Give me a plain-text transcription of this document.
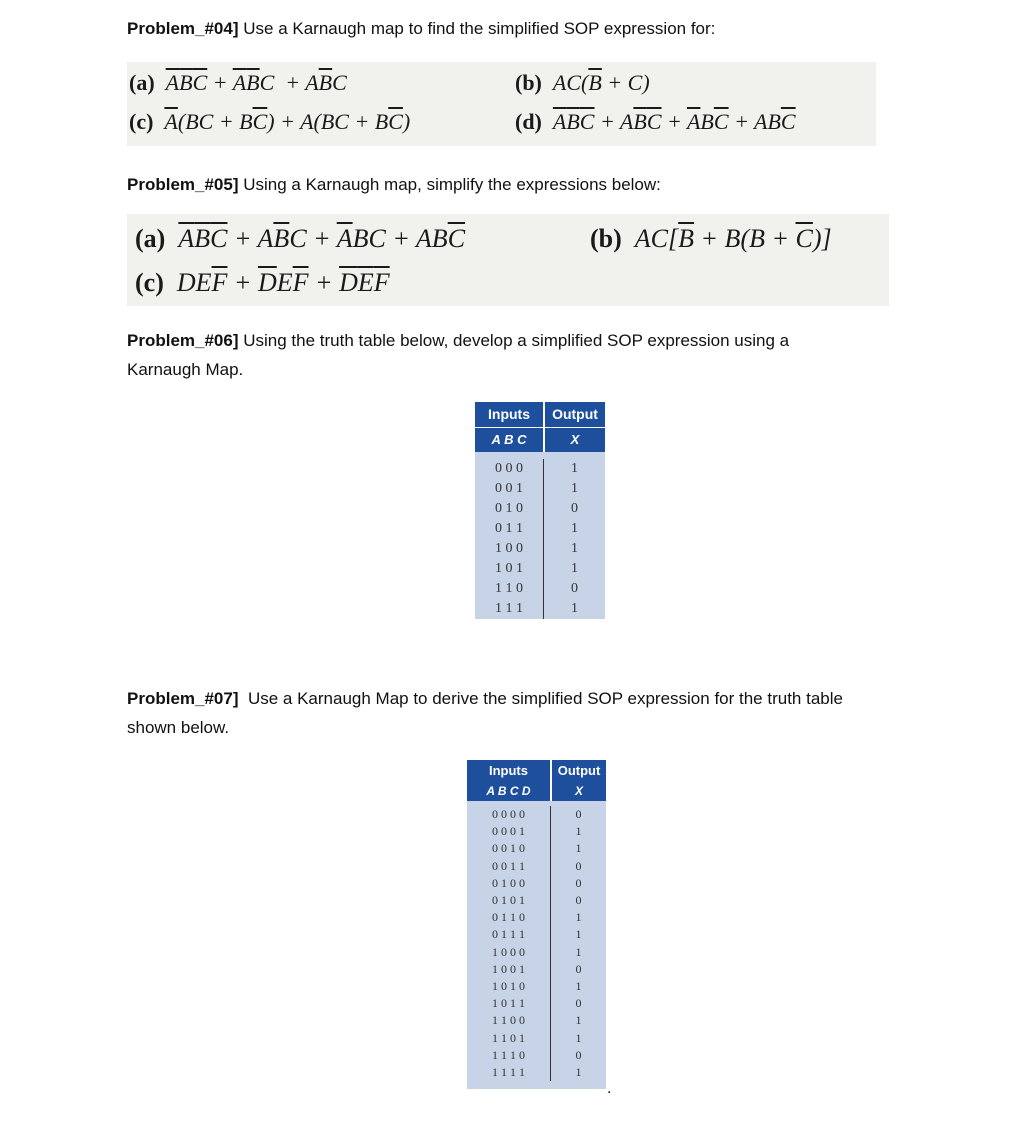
Problem_#04] Use a Karnaugh map to find the simplified SOP expression for:
(a) $\overline{A}\overline{B}\overline{C} + \overline{A}\overline{B}C + A\overline{B}C$	(b)  $AC(\overline{B} + C)$
(c) $\overline{A}(BC + B\overline{C}) + A(BC + B\overline{C})$	(d) $\overline{A}\overline{B}\overline{C} + A\overline{B}\overline{C} + \overline{A}B\overline{C} + AB\overline{C}$
Problem_#05] Using a Karnaugh map, simplify the expressions below:
(a) $\overline{A}\overline{B}\overline{C} + A\overline{B}C + \overline{A}BC + AB\overline{C}$	(b)  $AC[\overline{B} + B(B + \overline{C})]$
(c)  $DE\overline{F} + \overline{D}E\overline{F} + \overline{D}\overline{E}\overline{F}$
Problem_#06] Using the truth table below, develop a simplified SOP expression using a
Karnaugh Map.
Inputs	Output
A B C	X

0 0 0	1
0 0 1	1
0 1 0	0
0 1 1	1
1 0 0	1
1 0 1	1
1 1 0	0
1 1 1	1
Problem_#07] Use a Karnaugh Map to derive the simplified SOP expression for the truth table
shown below.
Inputs	Output
A B C D	X

0 0 0 0	0
0 0 0 1	1
0 0 1 0	1
0 0 1 1	0
0 1 0 0	0
0 1 0 1	0
0 1 1 0	1
0 1 1 1	1
1 0 0 0	1
1 0 0 1	0
1 0 1 0	1
1 0 1 1	0
1 1 0 0	1
1 1 0 1	1
1 1 1 0	0
1 1 1 1	1
.
